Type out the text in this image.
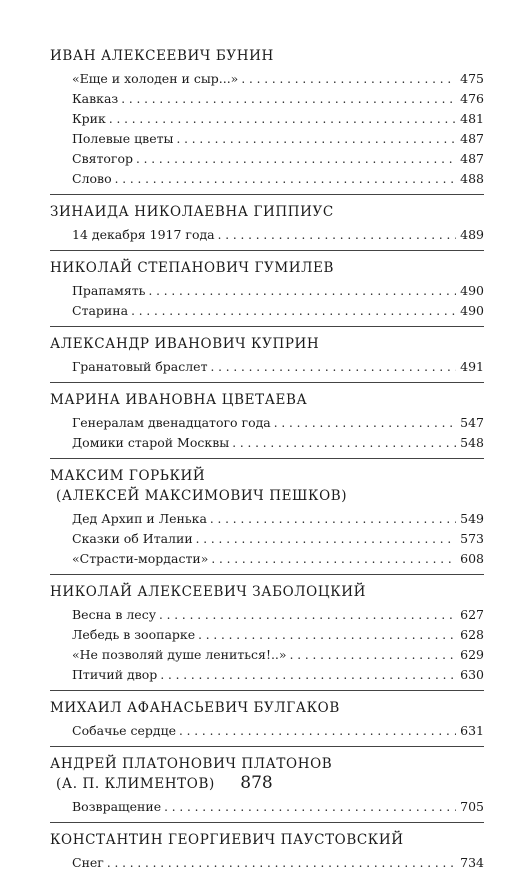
ИВАН АЛЕКСЕЕВИЧ БУНИН
«Еще и холоден и сыр...» . . .	475
Кавказ . . .	476
Крик . . .	481
Полевые цветы . . .	487
Святогор . . .	487
Слово . . .	488
ЗИНАИДА НИКОЛАЕВНА ГИППИУС
14 декабря 1917 года . . .	489
НИКОЛАЙ СТЕПАНОВИЧ ГУМИЛЕВ
Прапамять . . .	490
Старина . . .	490
АЛЕКСАНДР ИВАНОВИЧ КУПРИН
Гранатовый браслет . . .	491
МАРИНА ИВАНОВНА ЦВЕТАЕВА
Генералам двенадцатого года . . .	547
Домики старой Москвы . . .	548
МАКСИМ ГОРЬКИЙ
(АЛЕКСЕЙ МАКСИМОВИЧ ПЕШКОВ)
Дед Архип и Ленька . . .	549
Сказки об Италии . . .	573
«Страсти-мордасти» . . .	608
НИКОЛАЙ АЛЕКСЕЕВИЧ ЗАБОЛОЦКИЙ
Весна в лесу . . .	627
Лебедь в зоопарке . . .	628
«Не позволяй душе лениться!..» . . .	629
Птичий двор . . .	630
МИХАИЛ АФАНАСЬЕВИЧ БУЛГАКОВ
Собачье сердце . . .	631
АНДРЕЙ ПЛАТОНОВИЧ ПЛАТОНОВ
(А. П. КЛИМЕНТОВ)
Возвращение . . .	705
КОНСТАНТИН ГЕОРГИЕВИЧ ПАУСТОВСКИЙ
Снег . . .	734
878
